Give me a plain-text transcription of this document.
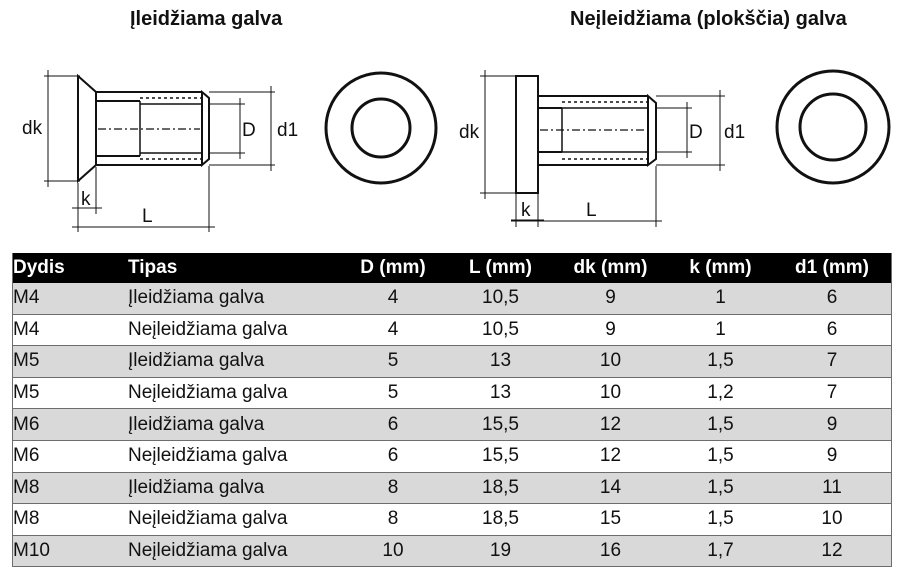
Įleidžiama galva	Neįleidžiama (plokščia) galva
dk	D d1
k
L
dk	D d1
k	L
Dydis	Tipas	D (mm)	L (mm)	dk (mm)	k (mm)	d1 (mm)
M4	Įleidžiama galva	4	10,5	9	1	6
M4	Neįleidžiama galva	4	10,5	9	1	6
M5	Įleidžiama galva	5	13	10	1,5	7
M5	Neįleidžiama galva	5	13	10	1,2	7
M6	Įleidžiama galva	6	15,5	12	1,5	9
M6	Neįleidžiama galva	6	15,5	12	1,5	9
M8	Įleidžiama galva	8	18,5	14	1,5	11
M8	Neįleidžiama galva	8	18,5	15	1,5	10
M10	Neįleidžiama galva	10	19	16	1,7	12
